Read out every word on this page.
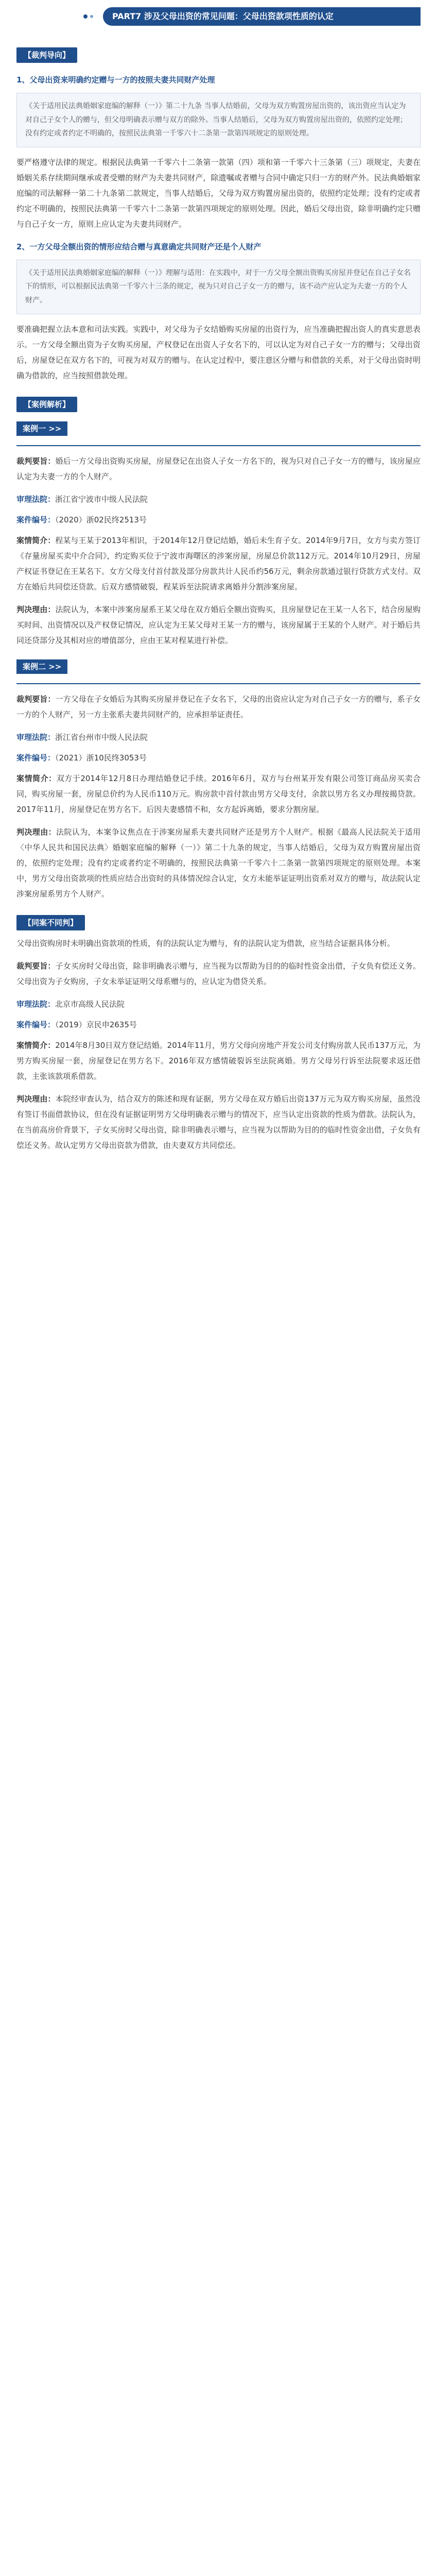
PART7 涉及父母出资的常见问题：父母出资款项性质的认定
【裁判导向】
1、父母出资来明确约定赠与一方的按照夫妻共同财产处理
《关于适用民法典婚姻家庭编的解释（一）》第二十九条 当事人结婚前，父母为双方购置房屋出资的，该出资应当认定为对自己子女个人的赠与，但父母明确表示赠与双方的除外。当事人结婚后，父母为双方购置房屋出资的，依照约定处理；没有约定或者约定不明确的，按照民法典第一千零六十二条第一款第四项规定的原则处理。

要严格遵守法律的规定。根据民法典第一千零六十二条第一款第（四）项和第一千零六十三条第（三）项规定，夫妻在婚姻关系存续期间继承或者受赠的财产为夫妻共同财产，除遗嘱或者赠与合同中确定只归一方的财产外。民法典婚姻家庭编的司法解释一第二十九条第二款规定，当事人结婚后，父母为双方购置房屋出资的，依照约定处理；没有约定或者约定不明确的，按照民法典第一千零六十二条第一款第四项规定的原则处理。因此，婚后父母出资，除非明确约定只赠与自己子女一方，原则上应认定为夫妻共同财产。

2、一方父母全额出资的情形应结合赠与真意确定共同财产还是个人财产
《关于适用民法典婚姻家庭编的解释（一）》理解与适用：在实践中，对于一方父母全额出资购买房屋并登记在自己子女名下的情形，可以根据民法典第一千零六十三条的规定，视为只对自己子女一方的赠与，该不动产应认定为夫妻一方的个人财产。

要准确把握立法本意和司法实践。实践中，对父母为子女结婚购买房屋的出资行为，应当准确把握出资人的真实意思表示。一方父母全额出资为子女购买房屋，产权登记在出资人子女名下的，可以认定为对自己子女一方的赠与；父母出资后，房屋登记在双方名下的，可视为对双方的赠与。在认定过程中，要注意区分赠与和借款的关系，对于父母出资时明确为借款的，应当按照借款处理。

【案例解析】
案例一 >>

裁判要旨：婚后一方父母出资购买房屋，房屋登记在出资人子女一方名下的，视为只对自己子女一方的赠与，该房屋应认定为夫妻一方的个人财产。

审理法院：浙江省宁波市中级人民法院

案件编号：（2020）浙02民终2513号

案情简介：程某与王某于2013年相识，于2014年12月登记结婚，婚后未生育子女。2014年9月7日，女方与卖方签订《存量房屋买卖中介合同》，约定购买位于宁波市海曙区的涉案房屋，房屋总价款112万元。2014年10月29日，房屋产权证书登记在王某名下。女方父母支付首付款及部分房款共计人民币约56万元，剩余房款通过银行贷款方式支付。双方在婚后共同偿还贷款。后双方感情破裂，程某诉至法院请求离婚并分割涉案房屋。

判决理由：法院认为，本案中涉案房屋系王某父母在双方婚后全额出资购买，且房屋登记在王某一人名下，结合房屋购买时间、出资情况以及产权登记情况，应认定为王某父母对王某一方的赠与，该房屋属于王某的个人财产。对于婚后共同还贷部分及其相对应的增值部分，应由王某对程某进行补偿。

案例二 >>

裁判要旨：一方父母在子女婚后为其购买房屋并登记在子女名下，父母的出资应认定为对自己子女一方的赠与，系子女一方的个人财产，另一方主张系夫妻共同财产的，应承担举证责任。

审理法院：浙江省台州市中级人民法院

案件编号：（2021）浙10民终3053号

案情简介：双方于2014年12月8日办理结婚登记手续。2016年6月，双方与台州某开发有限公司签订商品房买卖合同，购买房屋一套，房屋总价约为人民币110万元。购房款中首付款由男方父母支付，余款以男方名义办理按揭贷款。2017年11月，房屋登记在男方名下。后因夫妻感情不和，女方起诉离婚，要求分割房屋。

判决理由：法院认为，本案争议焦点在于涉案房屋系夫妻共同财产还是男方个人财产。根据《最高人民法院关于适用〈中华人民共和国民法典〉婚姻家庭编的解释（一）》第二十九条的规定，当事人结婚后，父母为双方购置房屋出资的，依照约定处理；没有约定或者约定不明确的，按照民法典第一千零六十二条第一款第四项规定的原则处理。本案中，男方父母出资款项的性质应结合出资时的具体情况综合认定，女方未能举证证明出资系对双方的赠与，故法院认定涉案房屋系男方个人财产。

【同案不同判】

父母出资购房时未明确出资款项的性质，有的法院认定为赠与，有的法院认定为借款，应当结合证据具体分析。

裁判要旨：子女买房时父母出资，除非明确表示赠与，应当视为以帮助为目的的临时性资金出借，子女负有偿还义务。父母出资为子女购房，子女未举证证明父母系赠与的，应认定为借贷关系。

审理法院：北京市高级人民法院

案件编号：（2019）京民申2635号

案情简介：2014年8月30日双方登记结婚。2014年11月，男方父母向房地产开发公司支付购房款人民币137万元，为男方购买房屋一套，房屋登记在男方名下。2016年双方感情破裂诉至法院离婚。男方父母另行诉至法院要求返还借款，主张该款项系借款。

判决理由：本院经审查认为，结合双方的陈述和现有证据，男方父母在双方婚后出资137万元为双方购买房屋，虽然没有签订书面借款协议，但在没有证据证明男方父母明确表示赠与的情况下，应当认定出资款的性质为借款。法院认为，在当前高房价背景下，子女买房时父母出资，除非明确表示赠与，应当视为以帮助为目的的临时性资金出借，子女负有偿还义务。故认定男方父母出资款为借款，由夫妻双方共同偿还。
